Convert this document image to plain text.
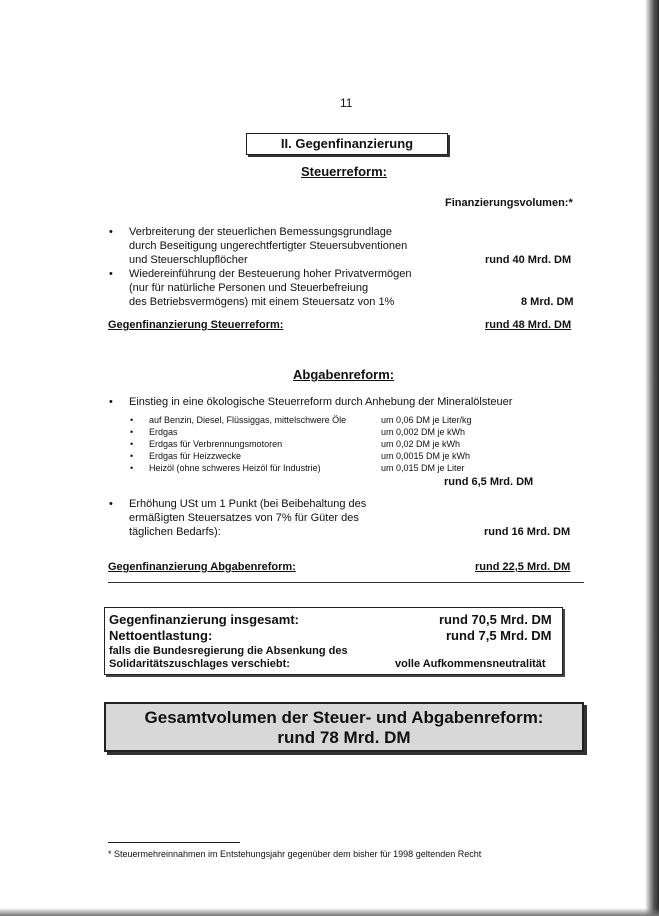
11
II. Gegenfinanzierung
Steuerreform:
Finanzierungsvolumen:*
• Verbreiterung der steuerlichen Bemessungsgrundlage
durch Beseitigung ungerechtfertigter Steuersubventionen
und Steuerschlupflöcher	rund 40 Mrd. DM
• Wiedereinführung der Besteuerung hoher Privatvermögen
(nur für natürliche Personen und Steuerbefreiung
des Betriebsvermögens) mit einem Steuersatz von 1%	8 Mrd. DM
Gegenfinanzierung Steuerreform:	rund 48 Mrd. DM
Abgabenreform:
• Einstieg in eine ökologische Steuerreform durch Anhebung der Mineralölsteuer
• auf Benzin, Diesel, Flüssiggas, mittelschwere Öle	um 0,06 DM je Liter/kg
• Erdgas	um 0,002 DM je kWh
• Erdgas für Verbrennungsmotoren	um 0,02 DM je kWh
• Erdgas für Heizzwecke	um 0,0015 DM je kWh
• Heizöl (ohne schweres Heizöl für Industrie)	um 0,015 DM je Liter
rund 6,5 Mrd. DM
• Erhöhung USt um 1 Punkt (bei Beibehaltung des
ermäßigten Steuersatzes von 7% für Güter des
täglichen Bedarfs):	rund 16 Mrd. DM
Gegenfinanzierung Abgabenreform:	rund 22,5 Mrd. DM
Gegenfinanzierung insgesamt:	rund 70,5 Mrd. DM
Nettoentlastung:	rund 7,5 Mrd. DM
falls die Bundesregierung die Absenkung des
Solidaritätszuschlages verschiebt:	volle Aufkommensneutralität
Gesamtvolumen der Steuer- und Abgabenreform:
rund 78 Mrd. DM
* Steuermehreinnahmen im Entstehungsjahr gegenüber dem bisher für 1998 geltenden Recht
